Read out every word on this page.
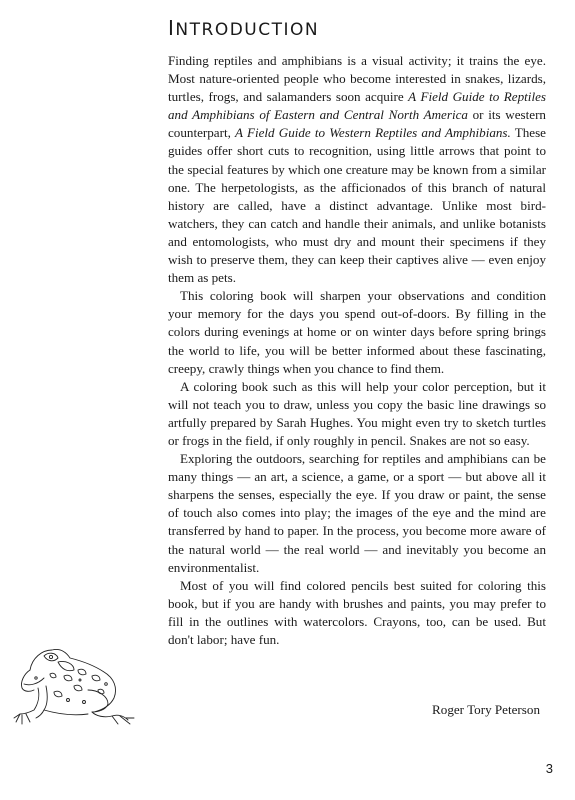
INTRODUCTION

Finding reptiles and amphibians is a visual activity; it trains the eye. Most nature-oriented people who become interested in snakes, lizards, turtles, frogs, and salamanders soon acquire A Field Guide to Reptiles and Amphibians of Eastern and Central North America or its western counterpart, A Field Guide to Western Reptiles and Amphibians. These guides offer short cuts to recognition, using little arrows that point to the special features by which one creature may be known from a similar one. The herpetologists, as the afficionados of this branch of natural history are called, have a distinct advantage. Unlike most bird-watchers, they can catch and handle their animals, and unlike botanists and entomologists, who must dry and mount their specimens if they wish to preserve them, they can keep their captives alive — even enjoy them as pets.

This coloring book will sharpen your observations and condition your memory for the days you spend out-of-doors. By filling in the colors during evenings at home or on winter days before spring brings the world to life, you will be better informed about these fascinating, creepy, crawly things when you chance to find them.

A coloring book such as this will help your color perception, but it will not teach you to draw, unless you copy the basic line drawings so artfully prepared by Sarah Hughes. You might even try to sketch turtles or frogs in the field, if only roughly in pencil. Snakes are not so easy.

Exploring the outdoors, searching for reptiles and amphibians can be many things — an art, a science, a game, or a sport — but above all it sharpens the senses, especially the eye. If you draw or paint, the sense of touch also comes into play; the images of the eye and the mind are transferred by hand to paper. In the process, you become more aware of the natural world — the real world — and inevitably you become an environmentalist.

Most of you will find colored pencils best suited for coloring this book, but if you are handy with brushes and paints, you may prefer to fill in the outlines with watercolors. Crayons, too, can be used. But don't labor; have fun.

Roger Tory Peterson

3
